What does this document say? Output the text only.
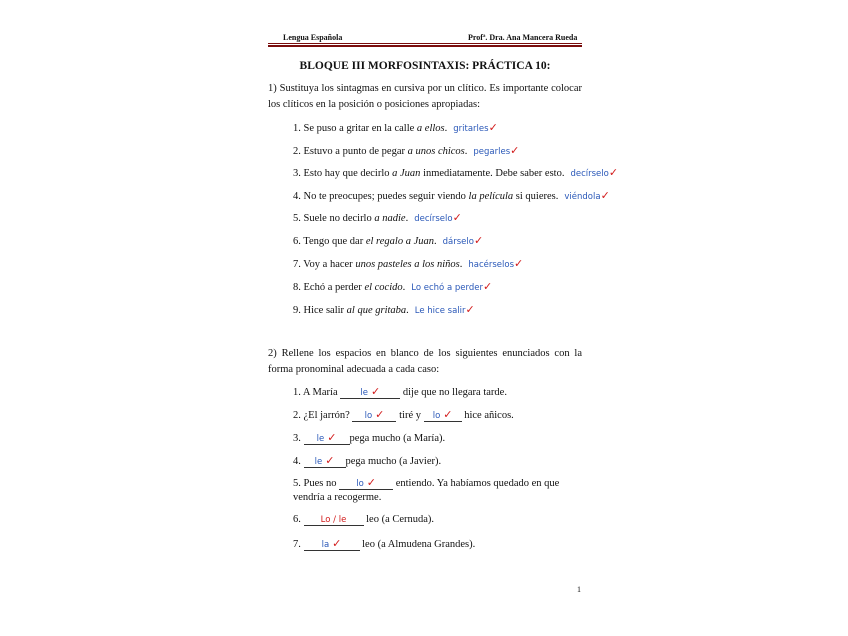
Lengua Española	Profª. Dra. Ana Mancera Rueda
BLOQUE III MORFOSINTAXIS: PRÁCTICA 10:
1) Sustituya los sintagmas en cursiva por un clítico. Es importante colocar los clíticos en la posición o posiciones apropiadas:
1. Se puso a gritar en la calle a ellos. gritarles✓
2. Estuvo a punto de pegar a unos chicos. pegarles✓
3. Esto hay que decirlo a Juan inmediatamente. Debe saber esto. decírselo✓
4. No te preocupes; puedes seguir viendo la película si quieres. viéndola✓
5. Suele no decirlo a nadie. decírselo✓
6. Tengo que dar el regalo a Juan. dárselo✓
7. Voy a hacer unos pasteles a los niños. hacérselos✓
8. Echó a perder el cocido. Lo echó a perder✓
9. Hice salir al que gritaba. Le hice salir✓
2) Rellene los espacios en blanco de los siguientes enunciados con la forma pronominal adecuada a cada caso:
1. A María le ✓ dije que no llegara tarde.
2. ¿El jarrón? lo ✓ tiré y lo ✓ hice añicos.
3. le ✓ pega mucho (a María).
4. le ✓ pega mucho (a Javier).
5. Pues no lo ✓ entiendo. Ya habíamos quedado en que
vendría a recogerme.
6. Lo / le leo (a Cernuda).
7. la ✓ leo (a Almudena Grandes).
1
